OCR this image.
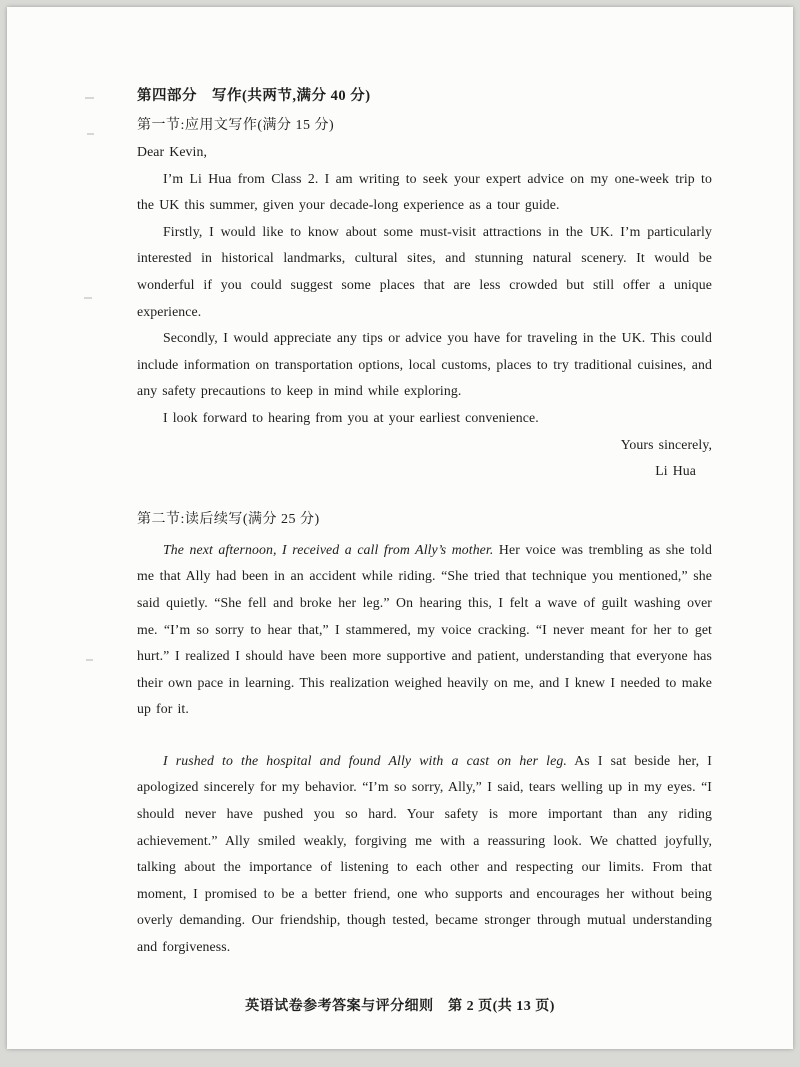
第四部分　写作(共两节,满分 40 分)
第一节:应用文写作(满分 15 分)

Dear Kevin,

I’m Li Hua from Class 2. I am writing to seek your expert advice on my one-week trip to the UK this summer, given your decade-long experience as a tour guide.

Firstly, I would like to know about some must-visit attractions in the UK. I’m particularly interested in historical landmarks, cultural sites, and stunning natural scenery. It would be wonderful if you could suggest some places that are less crowded but still offer a unique experience.

Secondly, I would appreciate any tips or advice you have for traveling in the UK. This could include information on transportation options, local customs, places to try traditional cuisines, and any safety precautions to keep in mind while exploring.

I look forward to hearing from you at your earliest convenience.

Yours sincerely,

Li Hua

第二节:读后续写(满分 25 分)

The next afternoon, I received a call from Ally’s mother. Her voice was trembling as she told me that Ally had been in an accident while riding. “She tried that technique you mentioned,” she said quietly. “She fell and broke her leg.” On hearing this, I felt a wave of guilt washing over me. “I’m so sorry to hear that,” I stammered, my voice cracking. “I never meant for her to get hurt.” I realized I should have been more supportive and patient, understanding that everyone has their own pace in learning. This realization weighed heavily on me, and I knew I needed to make up for it.

I rushed to the hospital and found Ally with a cast on her leg. As I sat beside her, I apologized sincerely for my behavior. “I’m so sorry, Ally,” I said, tears welling up in my eyes. “I should never have pushed you so hard. Your safety is more important than any riding achievement.” Ally smiled weakly, forgiving me with a reassuring look. We chatted joyfully, talking about the importance of listening to each other and respecting our limits. From that moment, I promised to be a better friend, one who supports and encourages her without being overly demanding. Our friendship, though tested, became stronger through mutual understanding and forgiveness.

英语试卷参考答案与评分细则　第 2 页(共 13 页)
